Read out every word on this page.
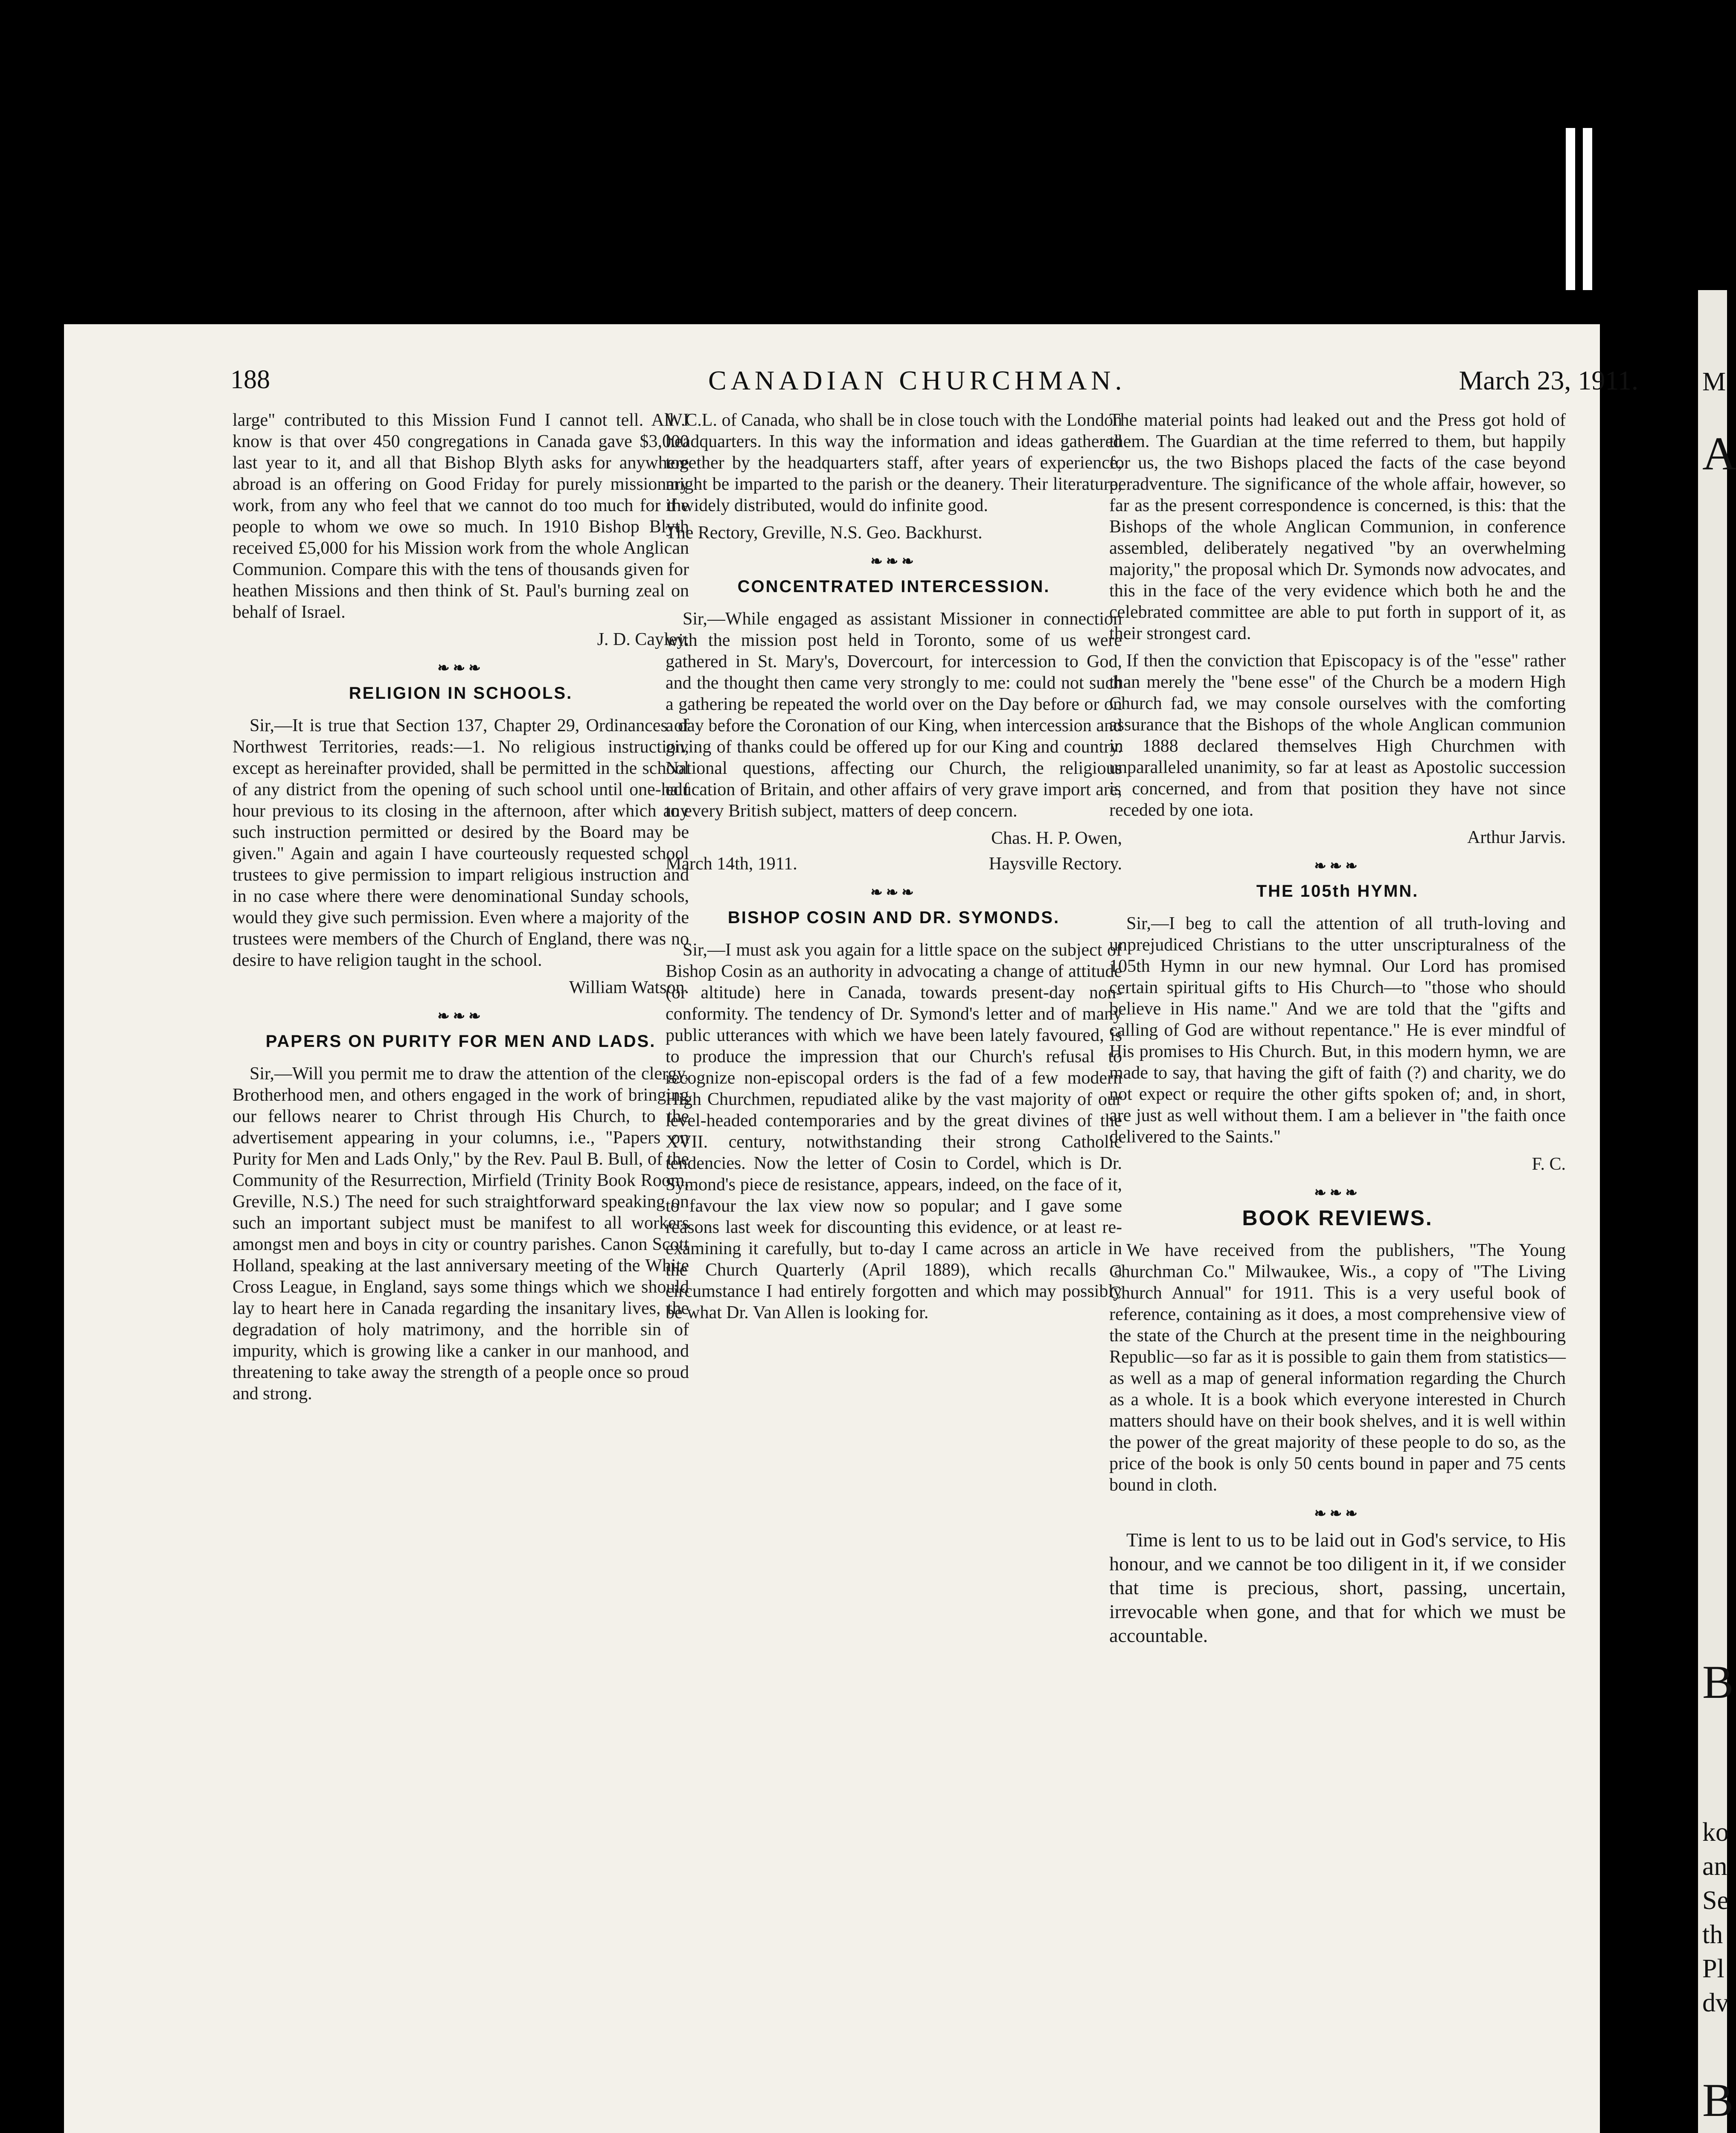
M
A
B
ko
an
Se
th
Pl
dv
B
188	CANADIAN CHURCHMAN.	March 23, 1911.

large" contributed to this Mission Fund I cannot tell. All I know is that over 450 congregations in Canada gave $3,000 last year to it, and all that Bishop Blyth asks for anywhere abroad is an offering on Good Friday for purely missionary work, from any who feel that we cannot do too much for the people to whom we owe so much. In 1910 Bishop Blyth received £5,000 for his Mission work from the whole Anglican Communion. Compare this with the tens of thousands given for heathen Missions and then think of St. Paul's burning zeal on behalf of Israel.

J. D. Cayley.
❧❧❧
RELIGION IN SCHOOLS.

Sir,—It is true that Section 137, Chapter 29, Ordinances of Northwest Territories, reads:—1. No religious instruction, except as hereinafter provided, shall be permitted in the school of any district from the opening of such school until one-half hour previous to its closing in the afternoon, after which any such instruction permitted or desired by the Board may be given." Again and again I have courteously requested school trustees to give permission to impart religious instruction and in no case where there were denominational Sunday schools, would they give such permission. Even where a majority of the trustees were members of the Church of England, there was no desire to have religion taught in the school.

William Watson.
❧❧❧
PAPERS ON PURITY FOR MEN AND LADS.

Sir,—Will you permit me to draw the attention of the clergy, Brotherhood men, and others engaged in the work of bringing our fellows nearer to Christ through His Church, to the advertisement appearing in your columns, i.e., "Papers on Purity for Men and Lads Only," by the Rev. Paul B. Bull, of the Community of the Resurrection, Mirfield (Trinity Book Room, Greville, N.S.) The need for such straightforward speaking on such an important subject must be manifest to all workers amongst men and boys in city or country parishes. Canon Scott Holland, speaking at the last anniversary meeting of the White Cross League, in England, says some things which we should lay to heart here in Canada regarding the insanitary lives, the degradation of holy matrimony, and the horrible sin of impurity, which is growing like a canker in our manhood, and threatening to take away the strength of a people once so proud and strong.

W.C.L. of Canada, who shall be in close touch with the London headquarters. In this way the information and ideas gathered together by the headquarters staff, after years of experience, might be imparted to the parish or the deanery. Their literature, if widely distributed, would do infinite good.

The Rectory, Greville, N.S. Geo. Backhurst.
❧❧❧
CONCENTRATED INTERCESSION.

Sir,—While engaged as assistant Missioner in connection with the mission post held in Toronto, some of us were gathered in St. Mary's, Dovercourt, for intercession to God, and the thought then came very strongly to me: could not such a gathering be repeated the world over on the Day before or on a day before the Coronation of our King, when intercession and giving of thanks could be offered up for our King and country. National questions, affecting our Church, the religious education of Britain, and other affairs of very grave import are, to every British subject, matters of deep concern.

Chas. H. P. Owen,
March 14th, 1911.	Haysville Rectory.
❧❧❧
BISHOP COSIN AND DR. SYMONDS.

Sir,—I must ask you again for a little space on the subject of Bishop Cosin as an authority in advocating a change of attitude (or altitude) here in Canada, towards present-day non-conformity. The tendency of Dr. Symond's letter and of many public utterances with which we have been lately favoured, is to produce the impression that our Church's refusal to recognize non-episcopal orders is the fad of a few modern High Churchmen, repudiated alike by the vast majority of our level-headed contemporaries and by the great divines of the XVII. century, notwithstanding their strong Catholic tendencies. Now the letter of Cosin to Cordel, which is Dr. Symond's piece de resistance, appears, indeed, on the face of it, to favour the lax view now so popular; and I gave some reasons last week for discounting this evidence, or at least re-examining it carefully, but to-day I came across an article in the Church Quarterly (April 1889), which recalls a circumstance I had entirely forgotten and which may possibly be what Dr. Van Allen is looking for.

The material points had leaked out and the Press got hold of them. The Guardian at the time referred to them, but happily for us, the two Bishops placed the facts of the case beyond peradventure. The significance of the whole affair, however, so far as the present correspondence is concerned, is this: that the Bishops of the whole Anglican Communion, in conference assembled, deliberately negatived "by an overwhelming majority," the proposal which Dr. Symonds now advocates, and this in the face of the very evidence which both he and the celebrated committee are able to put forth in support of it, as their strongest card.

If then the conviction that Episcopacy is of the "esse" rather than merely the "bene esse" of the Church be a modern High Church fad, we may console ourselves with the comforting assurance that the Bishops of the whole Anglican communion in 1888 declared themselves High Churchmen with unparalleled unanimity, so far at least as Apostolic succession is concerned, and from that position they have not since receded by one iota.

Arthur Jarvis.
❧❧❧
THE 105th HYMN.

Sir,—I beg to call the attention of all truth-loving and unprejudiced Christians to the utter unscripturalness of the 105th Hymn in our new hymnal. Our Lord has promised certain spiritual gifts to His Church—to "those who should believe in His name." And we are told that the "gifts and calling of God are without repentance." He is ever mindful of His promises to His Church. But, in this modern hymn, we are made to say, that having the gift of faith (?) and charity, we do not expect or require the other gifts spoken of; and, in short, are just as well without them. I am a believer in "the faith once delivered to the Saints."

F. C.
❧❧❧
BOOK REVIEWS.

We have received from the publishers, "The Young Churchman Co." Milwaukee, Wis., a copy of "The Living Church Annual" for 1911. This is a very useful book of reference, containing as it does, a most comprehensive view of the state of the Church at the present time in the neighbouring Republic—so far as it is possible to gain them from statistics—as well as a map of general information regarding the Church as a whole. It is a book which everyone interested in Church matters should have on their book shelves, and it is well within the power of the great majority of these people to do so, as the price of the book is only 50 cents bound in paper and 75 cents bound in cloth.

❧❧❧

Time is lent to us to be laid out in God's service, to His honour, and we cannot be too diligent in it, if we consider that time is precious, short, passing, uncertain, irrevocable when gone, and that for which we must be accountable.
